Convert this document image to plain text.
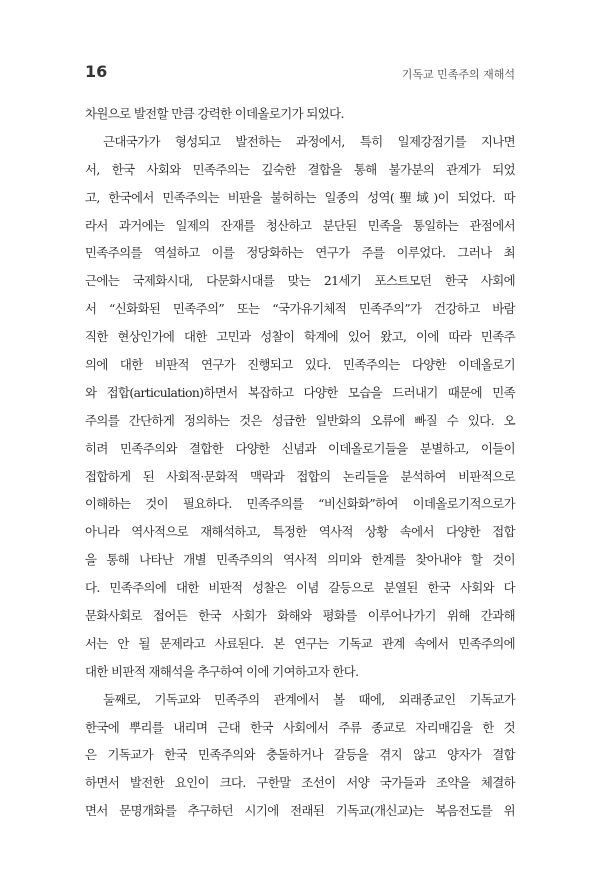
16	기독교 민족주의 재해석
차원으로 발전할 만큼 강력한 이데올로기가 되었다.
근대국가가 형성되고 발전하는 과정에서, 특히 일제강점기를 지나면
서, 한국 사회와 민족주의는 깊숙한 결합을 통해 불가분의 관계가 되었
고, 한국에서 민족주의는 비판을 불허하는 일종의 성역(聖域)이 되었다. 따
라서 과거에는 일제의 잔재를 청산하고 분단된 민족을 통일하는 관점에서
민족주의를 역설하고 이를 정당화하는 연구가 주를 이루었다. 그러나 최
근에는 국제화시대, 다문화시대를 맞는 21세기 포스트모던 한국 사회에
서 “신화화된 민족주의” 또는 “국가유기체적 민족주의”가 건강하고 바람
직한 현상인가에 대한 고민과 성찰이 학계에 있어 왔고, 이에 따라 민족주
의에 대한 비판적 연구가 진행되고 있다. 민족주의는 다양한 이데올로기
와 접합(articulation)하면서 복잡하고 다양한 모습을 드러내기 때문에 민족
주의를 간단하게 정의하는 것은 성급한 일반화의 오류에 빠질 수 있다. 오
히려 민족주의와 결합한 다양한 신념과 이데올로기들을 분별하고, 이들이
접합하게 된 사회적·문화적 맥락과 접합의 논리들을 분석하여 비판적으로
이해하는 것이 필요하다. 민족주의를 “비신화화”하여 이데올로기적으로가
아니라 역사적으로 재해석하고, 특정한 역사적 상황 속에서 다양한 접합
을 통해 나타난 개별 민족주의의 역사적 의미와 한계를 찾아내야 할 것이
다. 민족주의에 대한 비판적 성찰은 이념 갈등으로 분열된 한국 사회와 다
문화사회로 접어든 한국 사회가 화해와 평화를 이루어나가기 위해 간과해
서는 안 될 문제라고 사료된다. 본 연구는 기독교 관계 속에서 민족주의에
대한 비판적 재해석을 추구하여 이에 기여하고자 한다.
둘째로, 기독교와 민족주의 관계에서 볼 때에, 외래종교인 기독교가
한국에 뿌리를 내리며 근대 한국 사회에서 주류 종교로 자리매김을 한 것
은 기독교가 한국 민족주의와 충돌하거나 갈등을 겪지 않고 양자가 결합
하면서 발전한 요인이 크다. 구한말 조선이 서양 국가들과 조약을 체결하
면서 문명개화를 추구하던 시기에 전래된 기독교(개신교)는 복음전도를 위
